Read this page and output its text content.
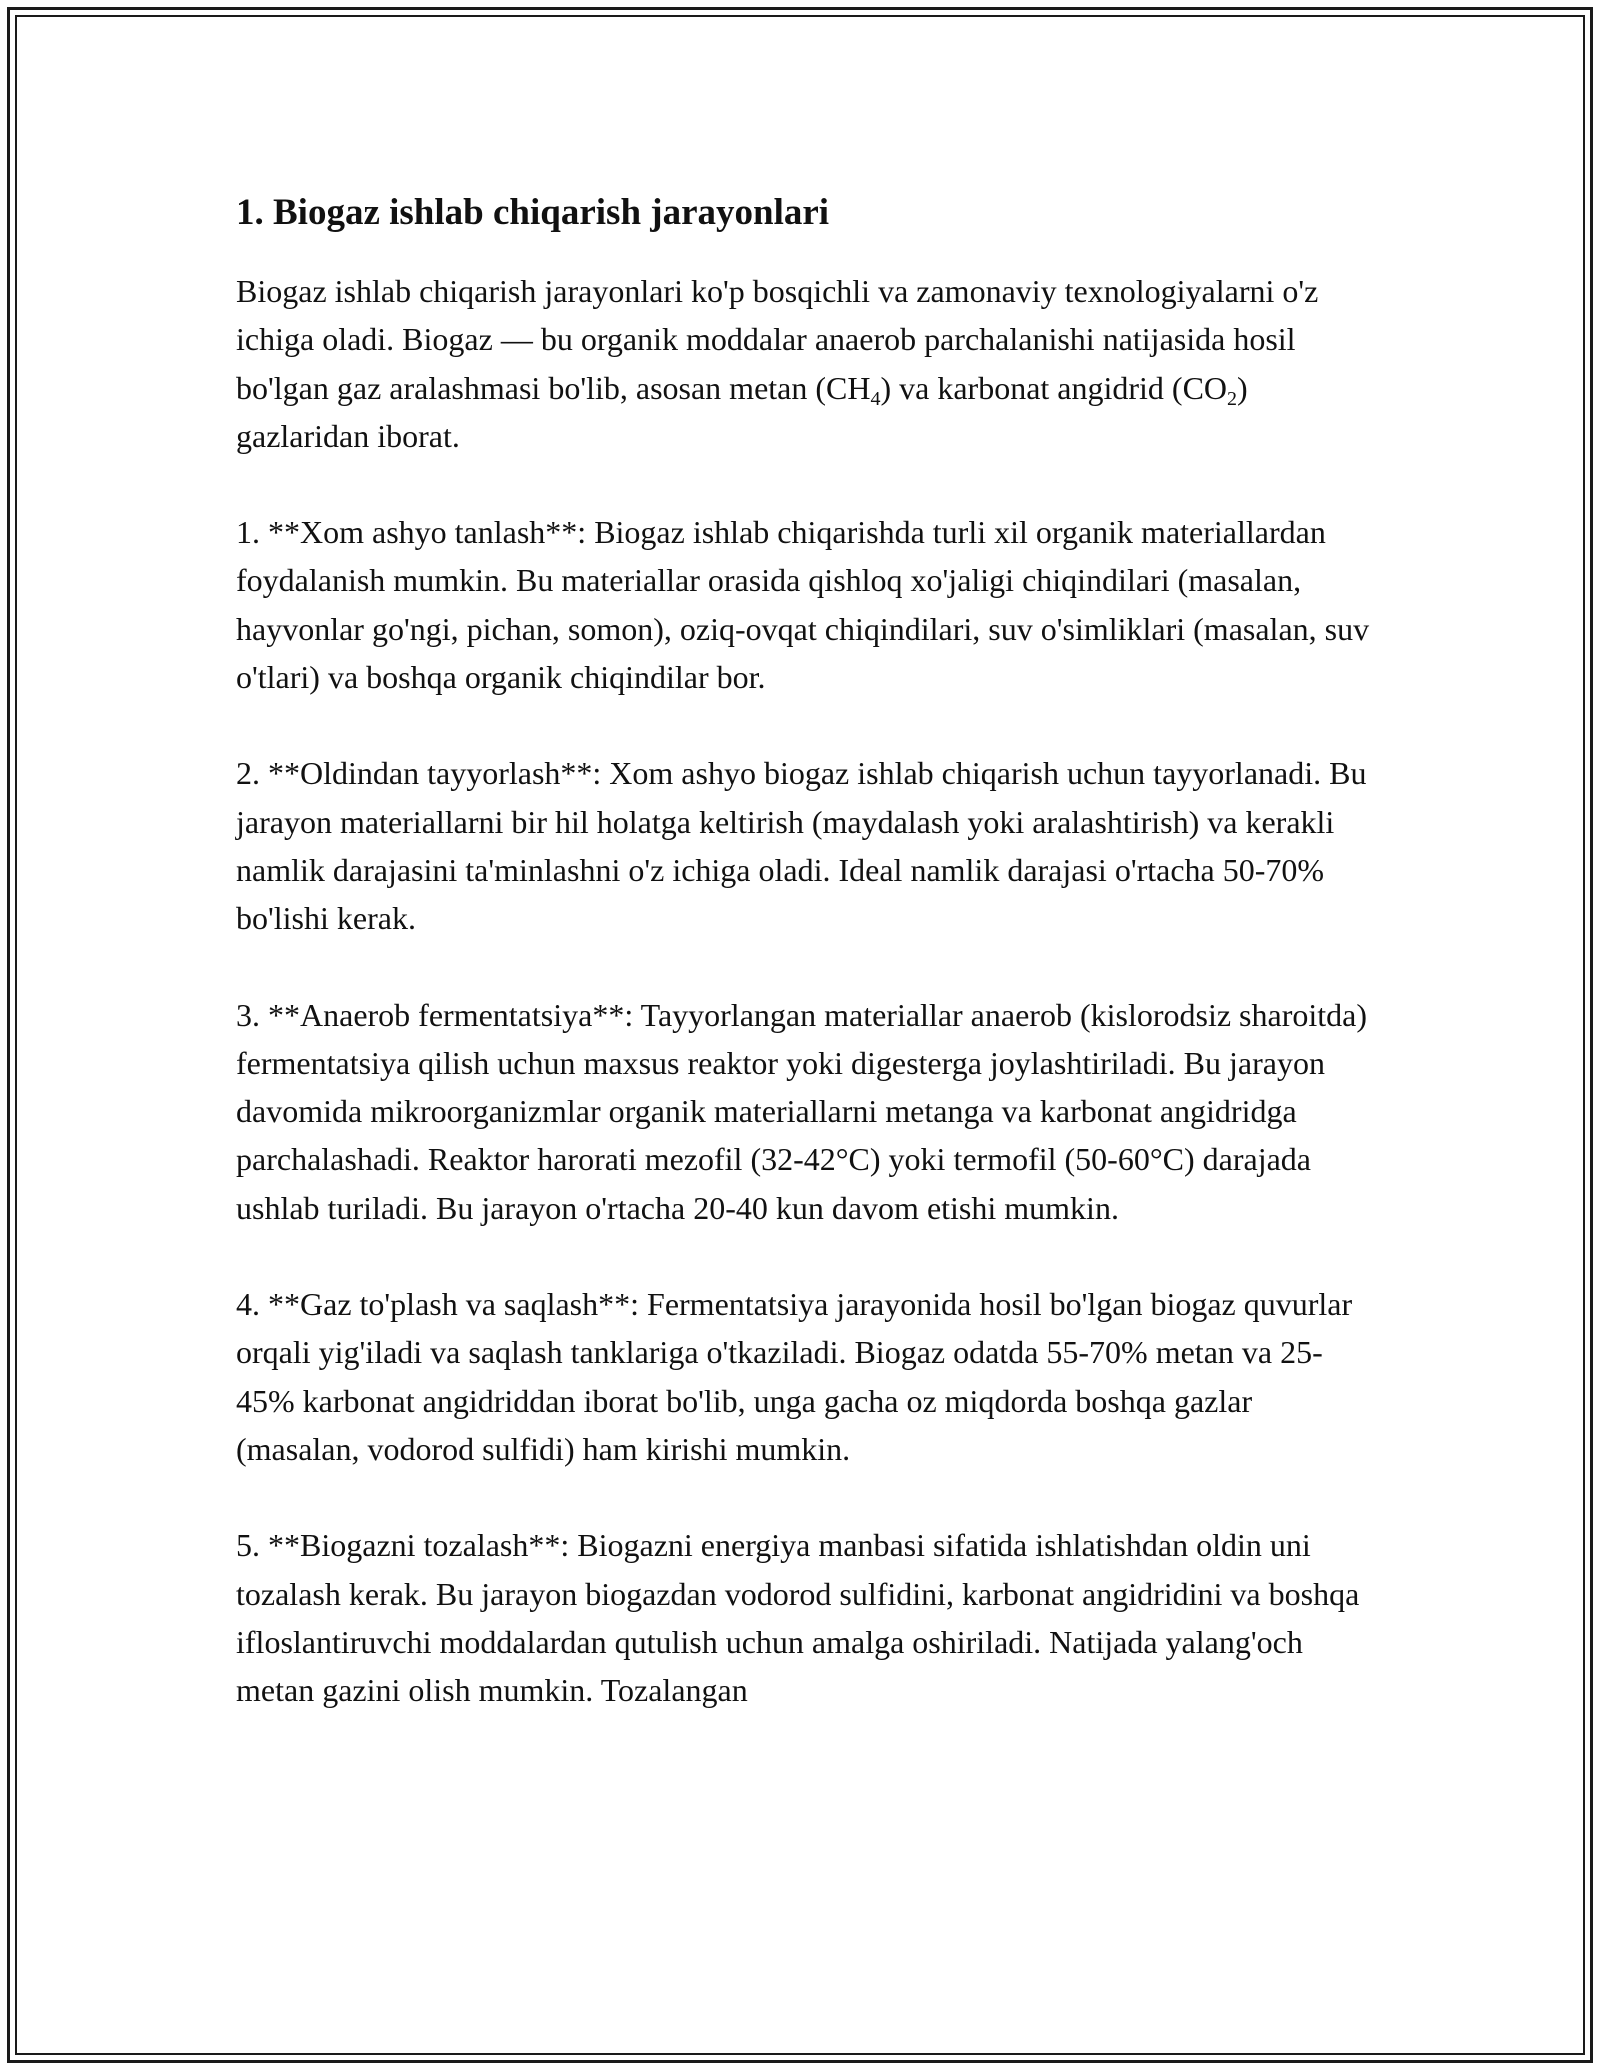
1. Biogaz ishlab chiqarish jarayonlari

Biogaz ishlab chiqarish jarayonlari ko'p bosqichli va zamonaviy texnologiyalarni o'z ichiga oladi. Biogaz — bu organik moddalar anaerob parchalanishi natijasida hosil bo'lgan gaz aralashmasi bo'lib, asosan metan $(CH_4)$ va karbonat angidrid $(CO_2)$ gazlaridan iborat.

1. **Xom ashyo tanlash**: Biogaz ishlab chiqarishda turli xil organik materiallardan foydalanish mumkin. Bu materiallar orasida qishloq xo'jaligi chiqindilari (masalan, hayvonlar go'ngi, pichan, somon), oziq-ovqat chiqindilari, suv o'simliklari (masalan, suv o'tlari) va boshqa organik chiqindilar bor.

2. **Oldindan tayyorlash**: Xom ashyo biogaz ishlab chiqarish uchun tayyorlanadi. Bu jarayon materiallarni bir hil holatga keltirish (maydalash yoki aralashtirish) va kerakli namlik darajasini ta'minlashni o'z ichiga oladi. Ideal namlik darajasi o'rtacha 50-70% bo'lishi kerak.

3. **Anaerob fermentatsiya**: Tayyorlangan materiallar anaerob (kislorodsiz sharoitda) fermentatsiya qilish uchun maxsus reaktor yoki digesterga joylashtiriladi. Bu jarayon davomida mikroorganizmlar organik materiallarni metanga va karbonat angidridga parchalashadi. Reaktor harorati mezofil (32-42°C) yoki termofil (50-60°C) darajada ushlab turiladi. Bu jarayon o'rtacha 20-40 kun davom etishi mumkin.

4. **Gaz to'plash va saqlash**: Fermentatsiya jarayonida hosil bo'lgan biogaz quvurlar orqali yig'iladi va saqlash tanklariga o'tkaziladi. Biogaz odatda 55-70% metan va 25-45% karbonat angidriddan iborat bo'lib, unga gacha oz miqdorda boshqa gazlar (masalan, vodorod sulfidi) ham kirishi mumkin.

5. **Biogazni tozalash**: Biogazni energiya manbasi sifatida ishlatishdan oldin uni tozalash kerak. Bu jarayon biogazdan vodorod sulfidini, karbonat angidridini va boshqa ifloslantiruvchi moddalardan qutulish uchun amalga oshiriladi. Natijada yalang'och metan gazini olish mumkin. Tozalangan
